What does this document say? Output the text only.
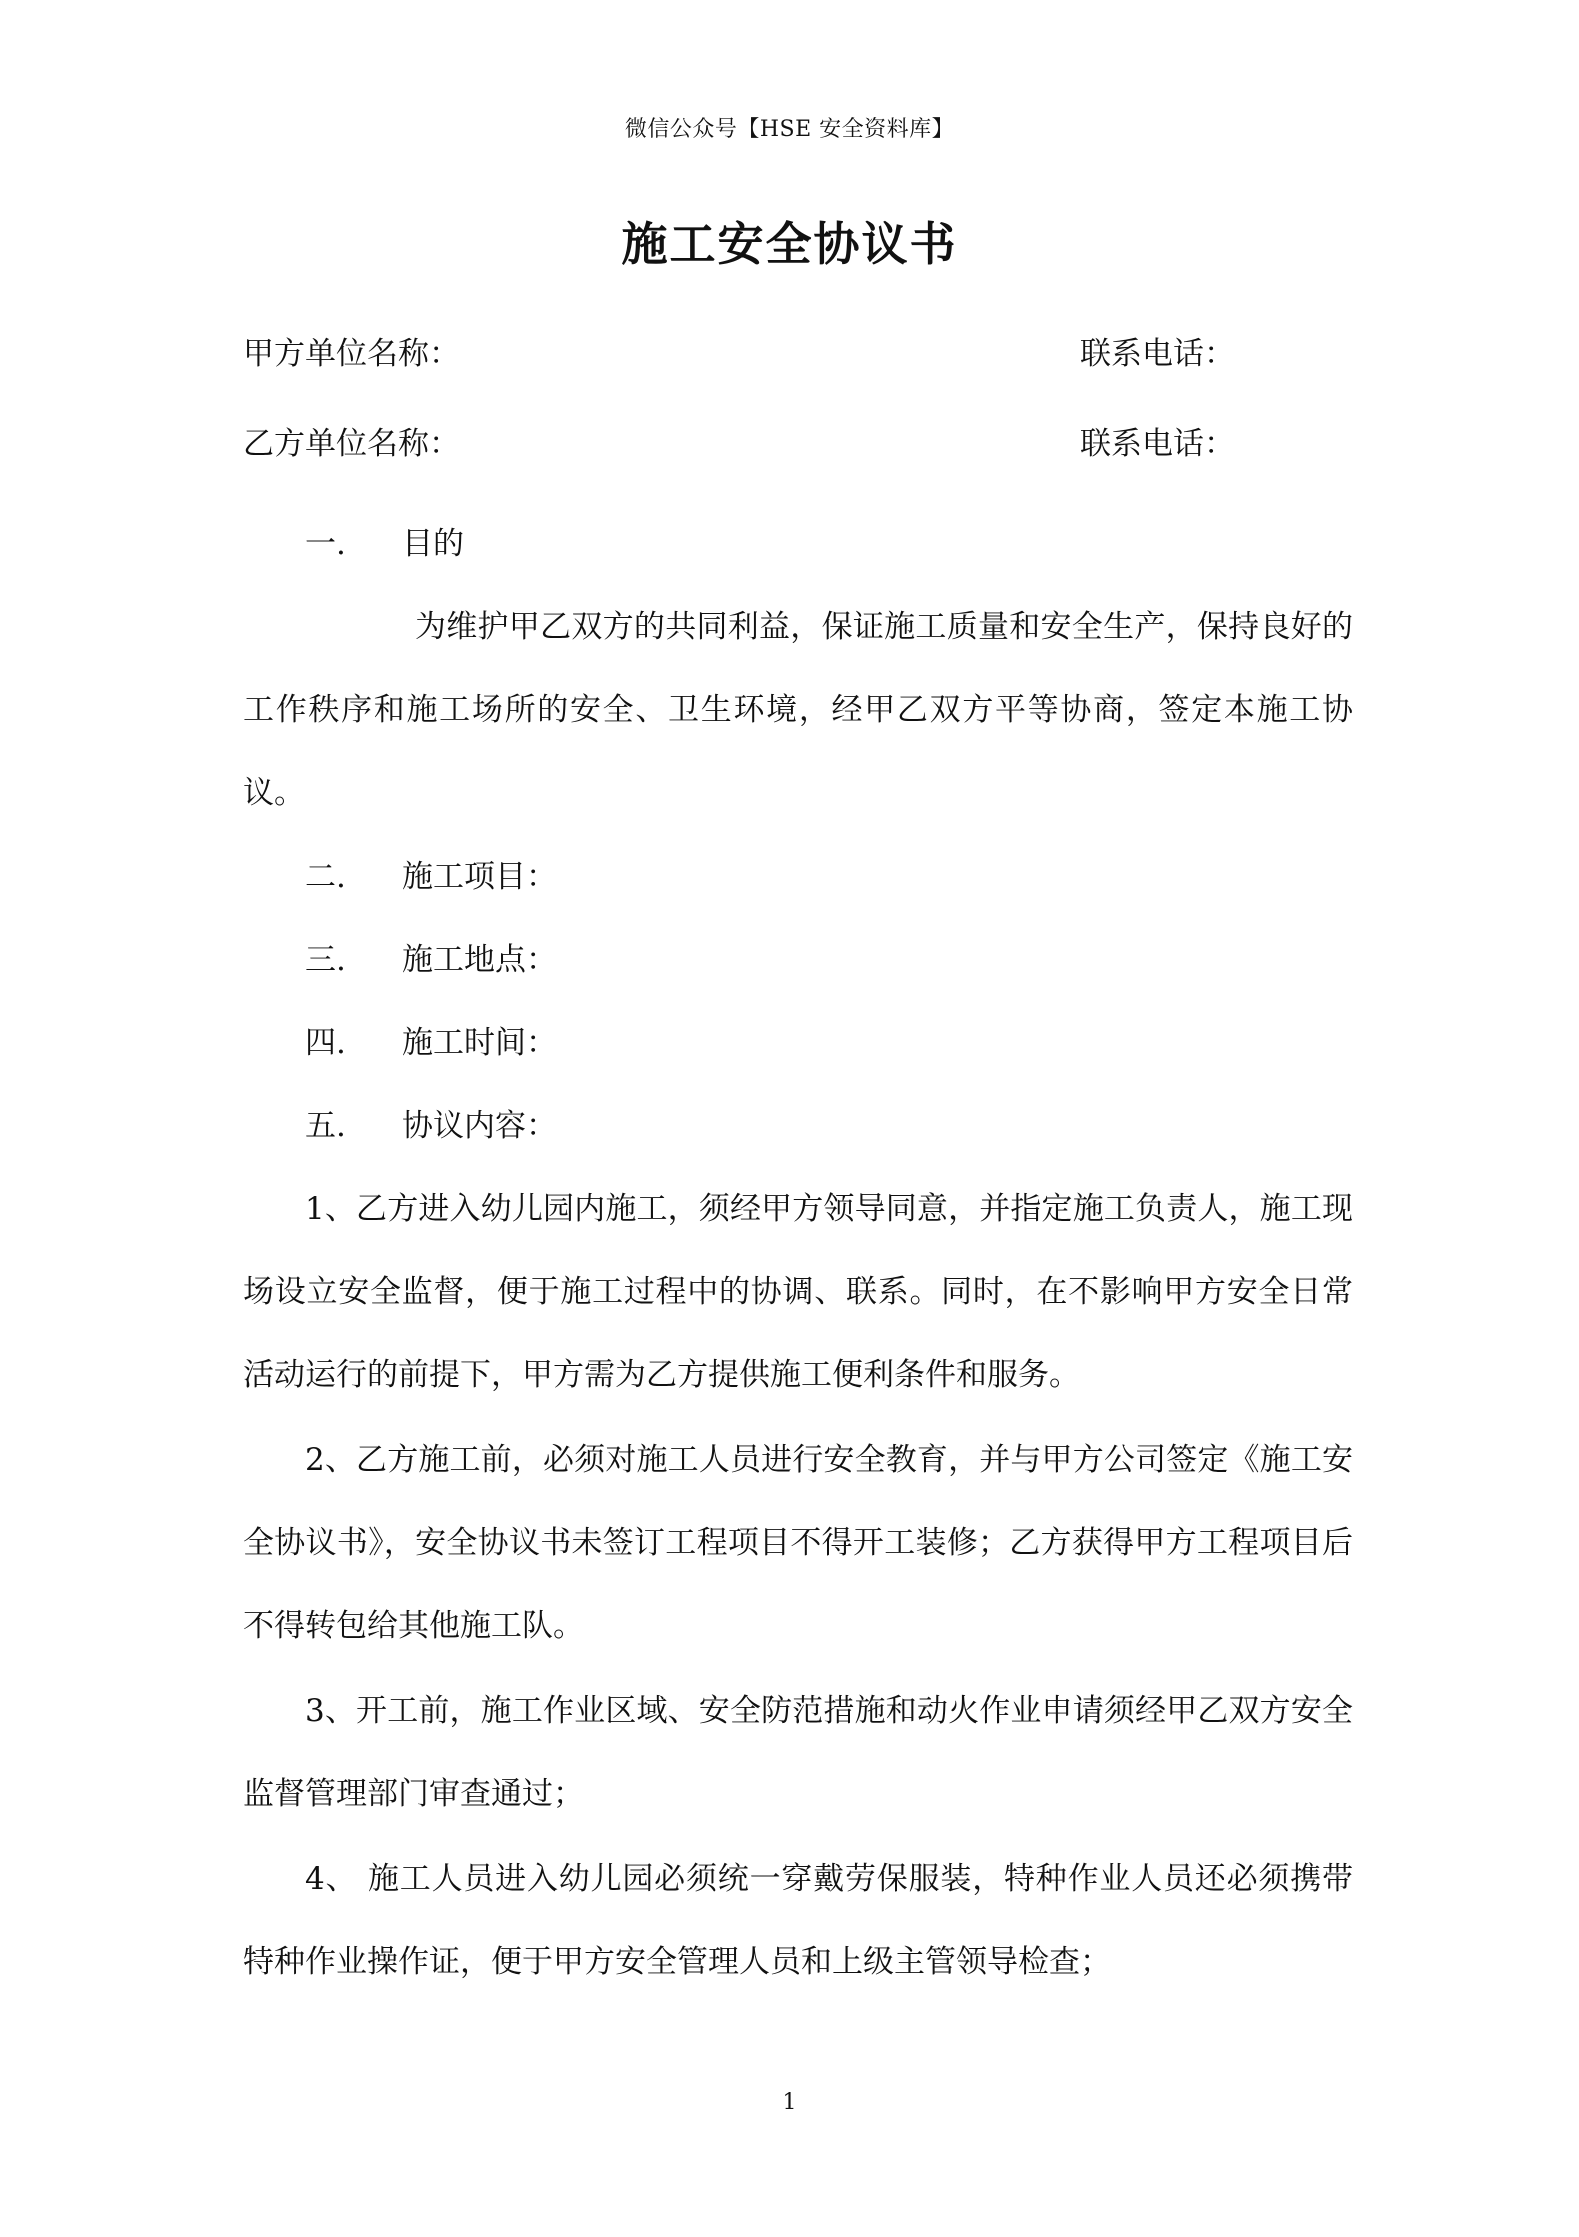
微信公众号【HSE 安全资料库】
施工安全协议书
甲方单位名称：	联系电话：
乙方单位名称：	联系电话：
一. 目的
为维护甲乙双方的共同利益，保证施工质量和安全生产，保持良好的工作秩序和施工场所的安全、卫生环境，经甲乙双方平等协商，签定本施工协议。
二. 施工项目：
三. 施工地点：
四. 施工时间：
五. 协议内容：
1、乙方进入幼儿园内施工，须经甲方领导同意，并指定施工负责人，施工现场设立安全监督，便于施工过程中的协调、联系。同时，在不影响甲方安全日常活动运行的前提下，甲方需为乙方提供施工便利条件和服务。
2、乙方施工前，必须对施工人员进行安全教育，并与甲方公司签定《施工安全协议书》，安全协议书未签订工程项目不得开工装修；乙方获得甲方工程项目后不得转包给其他施工队。
3、开工前，施工作业区域、安全防范措施和动火作业申请须经甲乙双方安全监督管理部门审查通过；
4、 施工人员进入幼儿园必须统一穿戴劳保服装，特种作业人员还必须携带特种作业操作证，便于甲方安全管理人员和上级主管领导检查；
1
